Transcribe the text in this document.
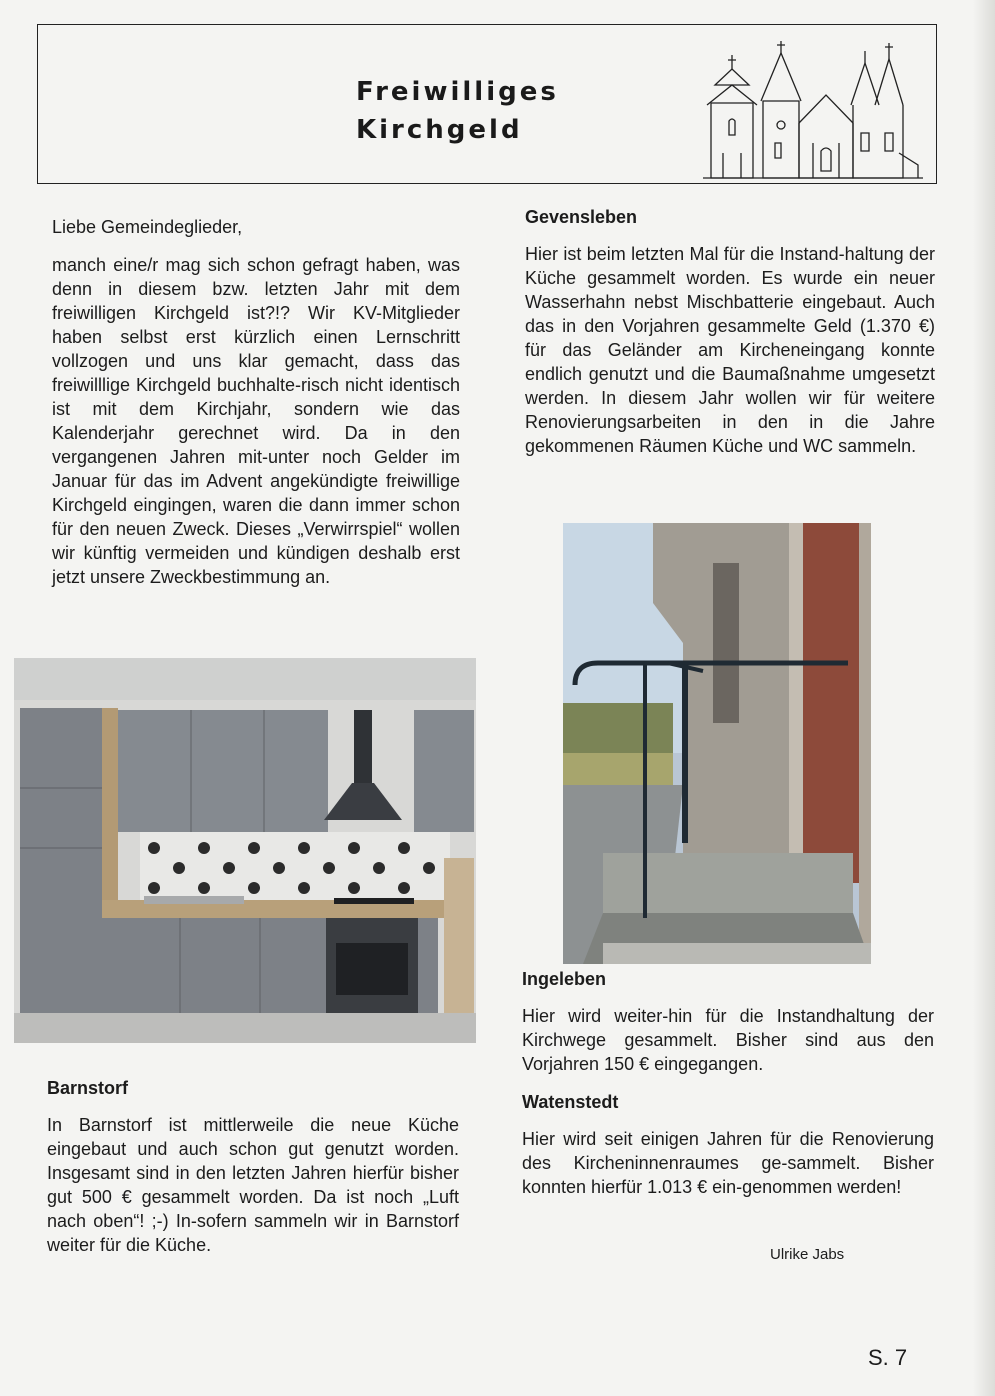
Freiwilliges
Kirchgeld

Liebe Gemeindeglieder,

manch eine/r mag sich schon gefragt haben, was denn in diesem bzw. letzten Jahr mit dem freiwilligen Kirchgeld ist?!? Wir KV-Mitglieder haben selbst erst kürzlich einen Lernschritt vollzogen und uns klar gemacht, dass das freiwilllige Kirchgeld buchhalte-risch nicht identisch ist mit dem Kirchjahr, sondern wie das Kalenderjahr gerechnet wird. Da in den vergangenen Jahren mit-unter noch Gelder im Januar für das im Advent angekündigte freiwillige Kirchgeld eingingen, waren die dann immer schon für den neuen Zweck. Dieses „Verwirrspiel“ wollen wir künftig vermeiden und kündigen deshalb erst jetzt unsere Zweckbestimmung an.

Barnstorf

In Barnstorf ist mittlerweile die neue Küche eingebaut und auch schon gut genutzt worden. Insgesamt sind in den letzten Jahren hierfür bisher gut 500 € gesammelt worden. Da ist noch „Luft nach oben“! ;-) In-sofern sammeln wir in Barnstorf weiter für die Küche.

Gevensleben

Hier ist beim letzten Mal für die Instand-haltung der Küche gesammelt worden. Es wurde ein neuer Wasserhahn nebst Mischbatterie eingebaut. Auch das in den Vorjahren gesammelte Geld (1.370 €) für das Geländer am Kircheneingang konnte endlich genutzt und die Baumaßnahme umgesetzt werden. In diesem Jahr wollen wir für weitere Renovierungsarbeiten in den in die Jahre gekommenen Räumen Küche und WC sammeln.

Ingeleben

Hier wird weiter-hin für die Instandhaltung der Kirchwege gesammelt. Bisher sind aus den Vorjahren 150 € eingegangen.

Watenstedt

Hier wird seit einigen Jahren für die Renovierung des Kircheninnenraumes ge-sammelt. Bisher konnten hierfür 1.013 € ein-genommen werden!

Ulrike Jabs
S. 7
